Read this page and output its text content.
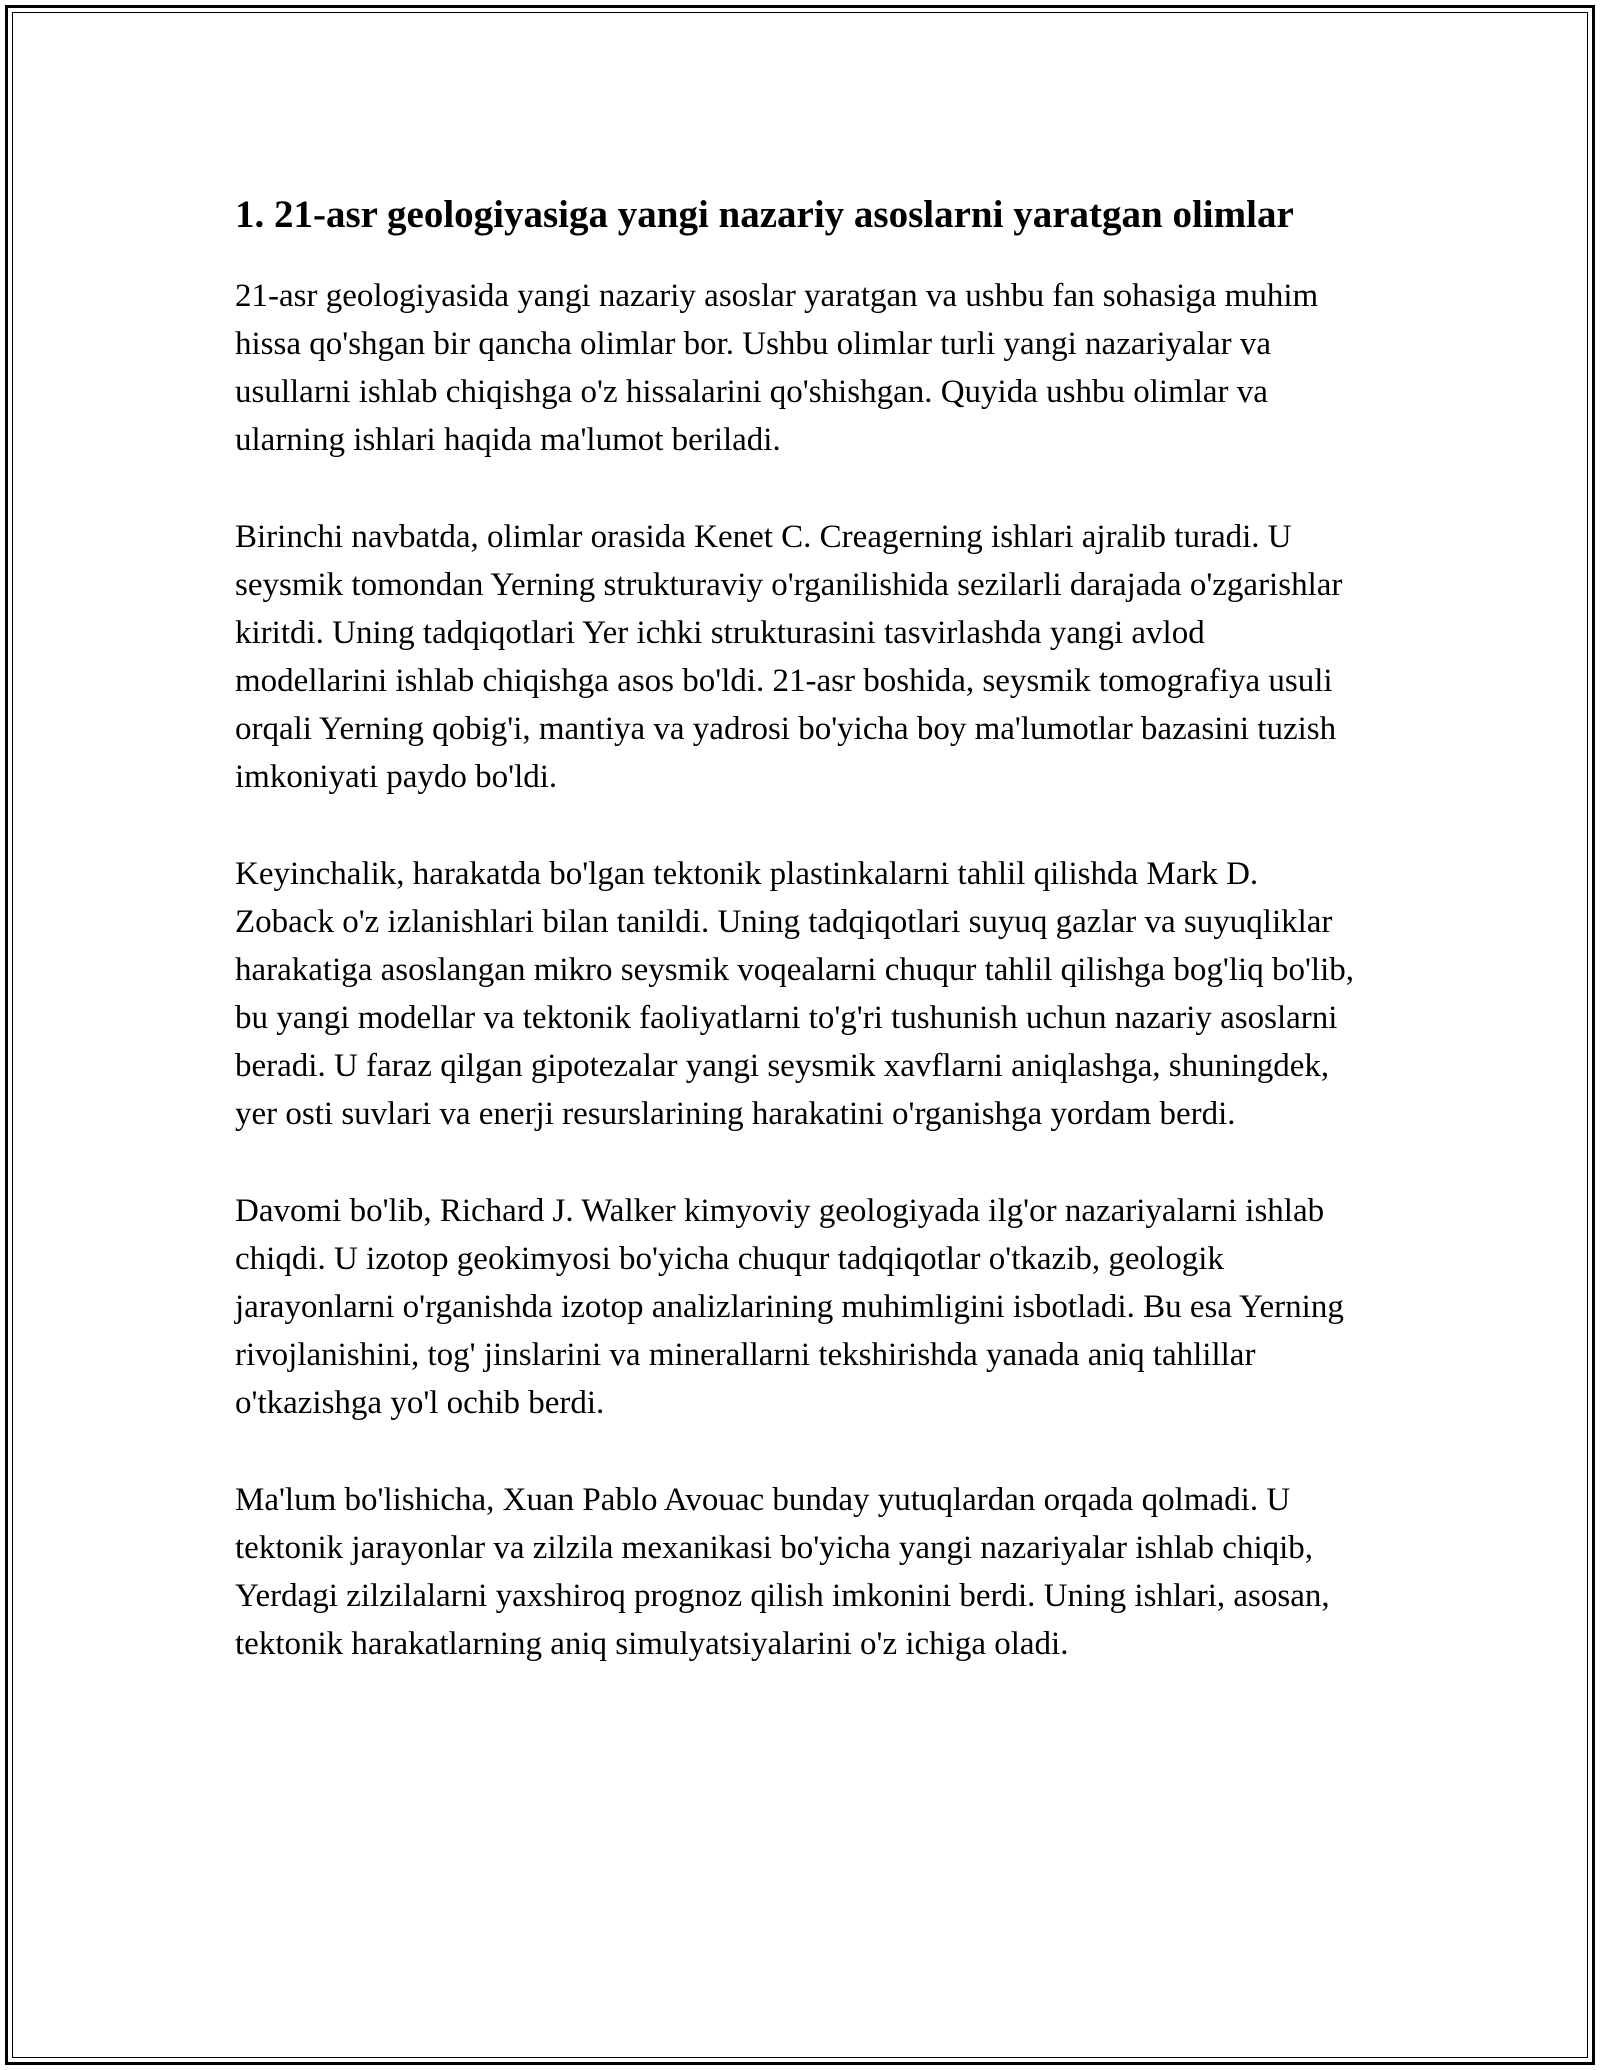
1. 21-asr geologiyasiga yangi nazariy asoslarni yaratgan olimlar

21-asr geologiyasida yangi nazariy asoslar yaratgan va ushbu fan sohasiga muhim hissa qo'shgan bir qancha olimlar bor. Ushbu olimlar turli yangi nazariyalar va usullarni ishlab chiqishga o'z hissalarini qo'shishgan. Quyida ushbu olimlar va ularning ishlari haqida ma'lumot beriladi.

Birinchi navbatda, olimlar orasida Kenet C. Creagerning ishlari ajralib turadi. U seysmik tomondan Yerning strukturaviy o'rganilishida sezilarli darajada o'zgarishlar kiritdi. Uning tadqiqotlari Yer ichki strukturasini tasvirlashda yangi avlod modellarini ishlab chiqishga asos bo'ldi. 21-asr boshida, seysmik tomografiya usuli orqali Yerning qobig'i, mantiya va yadrosi bo'yicha boy ma'lumotlar bazasini tuzish imkoniyati paydo bo'ldi.

Keyinchalik, harakatda bo'lgan tektonik plastinkalarni tahlil qilishda Mark D. Zoback o'z izlanishlari bilan tanildi. Uning tadqiqotlari suyuq gazlar va suyuqliklar harakatiga asoslangan mikro seysmik voqealarni chuqur tahlil qilishga bog'liq bo'lib, bu yangi modellar va tektonik faoliyatlarni to'g'ri tushunish uchun nazariy asoslarni beradi. U faraz qilgan gipotezalar yangi seysmik xavflarni aniqlashga, shuningdek, yer osti suvlari va enerji resurslarining harakatini o'rganishga yordam berdi.

Davomi bo'lib, Richard J. Walker kimyoviy geologiyada ilg'or nazariyalarni ishlab chiqdi. U izotop geokimyosi bo'yicha chuqur tadqiqotlar o'tkazib, geologik jarayonlarni o'rganishda izotop analizlarining muhimligini isbotladi. Bu esa Yerning rivojlanishini, tog' jinslarini va minerallarni tekshirishda yanada aniq tahlillar o'tkazishga yo'l ochib berdi.

Ma'lum bo'lishicha, Xuan Pablo Avouac bunday yutuqlardan orqada qolmadi. U tektonik jarayonlar va zilzila mexanikasi bo'yicha yangi nazariyalar ishlab chiqib, Yerdagi zilzilalarni yaxshiroq prognoz qilish imkonini berdi. Uning ishlari, asosan, tektonik harakatlarning aniq simulyatsiyalarini o'z ichiga oladi.
